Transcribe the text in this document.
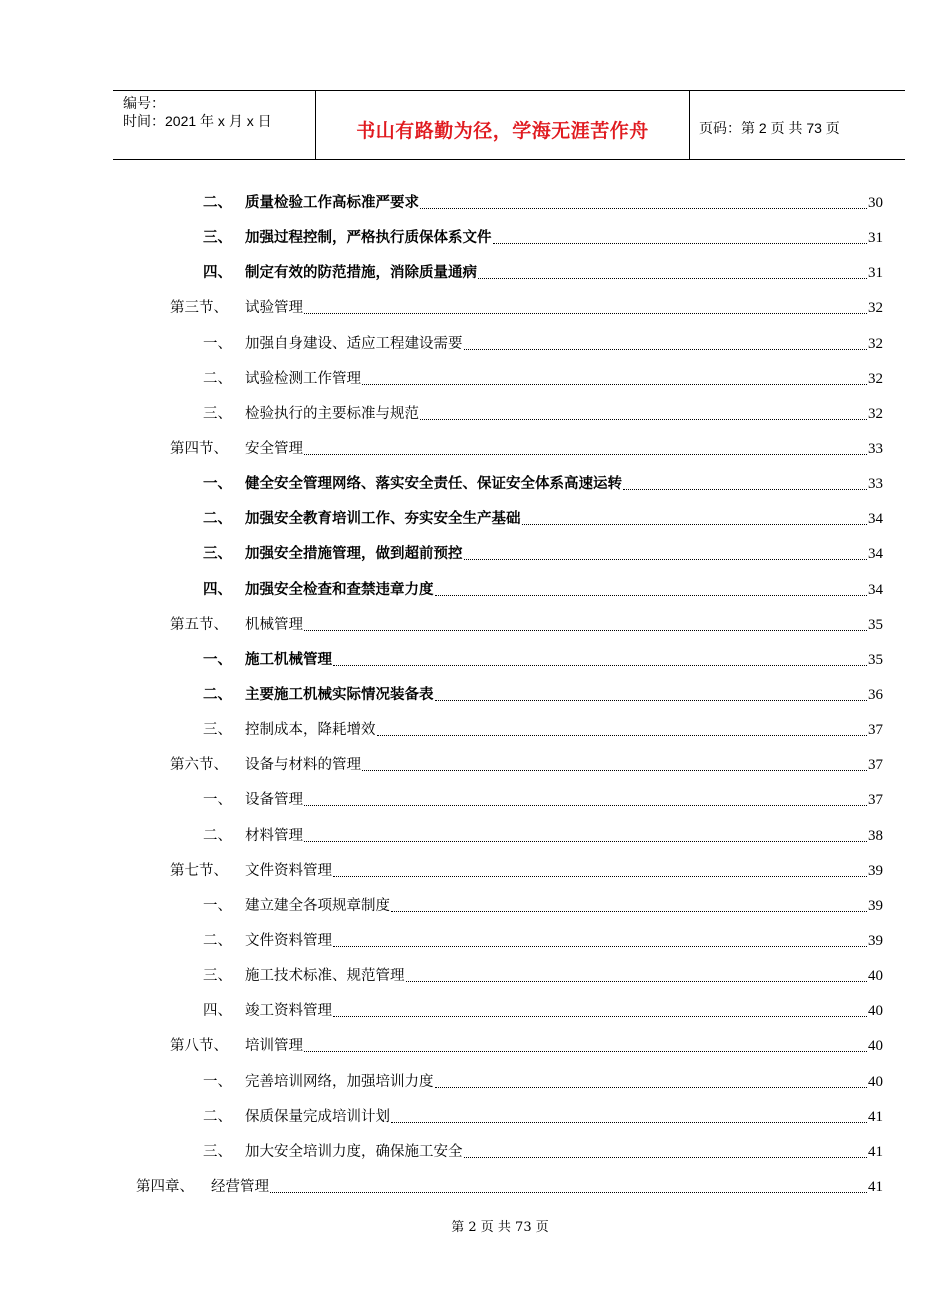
编号：
时间：2021 年 x 月 x 日	书山有路勤为径，学海无涯苦作舟	页码：第 2 页 共 73 页
二、 质量检验工作高标准严要求	30
三、 加强过程控制，严格执行质保体系文件	31
四、 制定有效的防范措施，消除质量通病	31
第三节、	试验管理	32
一、 加强自身建设、适应工程建设需要	32
二、 试验检测工作管理	32
三、 检验执行的主要标准与规范	32
第四节、	安全管理	33
一、 健全安全管理网络、落实安全责任、保证安全体系高速运转	33
二、 加强安全教育培训工作、夯实安全生产基础	34
三、 加强安全措施管理，做到超前预控	34
四、 加强安全检查和查禁违章力度	34
第五节、	机械管理	35
一、 施工机械管理	35
二、 主要施工机械实际情况装备表	36
三、 控制成本，降耗增效	37
第六节、	设备与材料的管理	37
一、 设备管理	37
二、 材料管理	38
第七节、	文件资料管理	39
一、 建立建全各项规章制度	39
二、 文件资料管理	39
三、 施工技术标准、规范管理	40
四、 竣工资料管理	40
第八节、	培训管理	40
一、 完善培训网络，加强培训力度	40
二、 保质保量完成培训计划	41
三、 加大安全培训力度，确保施工安全	41
第四章、	经营管理	41
第 2 页 共 73 页
